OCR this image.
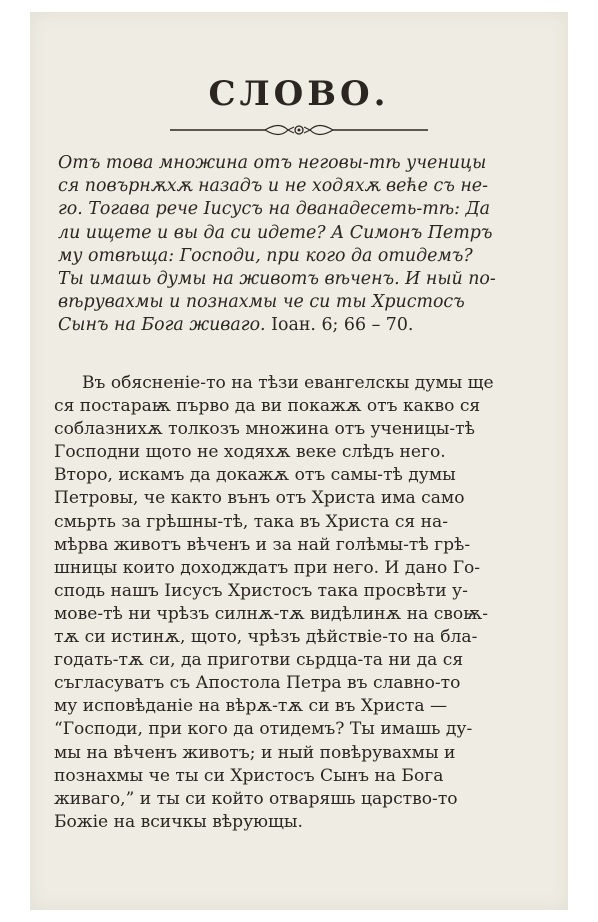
СЛОВО.
Отъ това множина отъ неговы-тѣ ученицы
ся повърнѫхѫ назадъ и не ходяхѫ веће съ не-
го. Тогава рече Іисусъ на дванадесеть-тѣ: Да
ли ищете и вы да си идете? А Симонъ Петръ
му отвѣща: Господи, при кого да отидемъ?
Ты имашь думы на животъ вѣченъ. И ный по-
вѣрувахмы и познахмы че си ты Христосъ
Сынъ на Бога живаго. Іоан. 6; 66 – 70.
Въ обясненіе-то на тѣзи евангелскы думы ще
ся постараѭ първо да ви покажѫ отъ какво ся
соблазнихѫ толкозъ множина отъ ученицы-тѣ
Господни щото не ходяхѫ веке слѣдъ него.
Второ, искамъ да докажѫ отъ самы-тѣ думы
Петровы, че както вънъ отъ Христа има само
смьрть за грѣшны-тѣ, така въ Христа ся на-
мѣрва животъ вѣченъ и за най голѣмы-тѣ грѣ-
шницы които доходждатъ при него. И дано Го-
сподь нашъ Іисусъ Христосъ така просвѣти у-
мове-тѣ ни чрѣзъ силнѫ-тѫ видѣлинѫ на своѭ-
тѫ си истинѫ, щото, чрѣзъ дѣйствіе-то на бла-
годать-тѫ си, да приготви сьрдца-та ни да ся
съгласуватъ съ Апостола Петра въ славно-то
му исповѣданіе на вѣрѫ-тѫ си въ Христа —
“Господи, при кого да отидемъ? Ты имашь ду-
мы на вѣченъ животъ; и ный повѣрувахмы и
познахмы че ты си Христосъ Сынъ на Бога
живаго,” и ты си който отваряшь царство-то
Божіе на всичкы вѣрующы.
